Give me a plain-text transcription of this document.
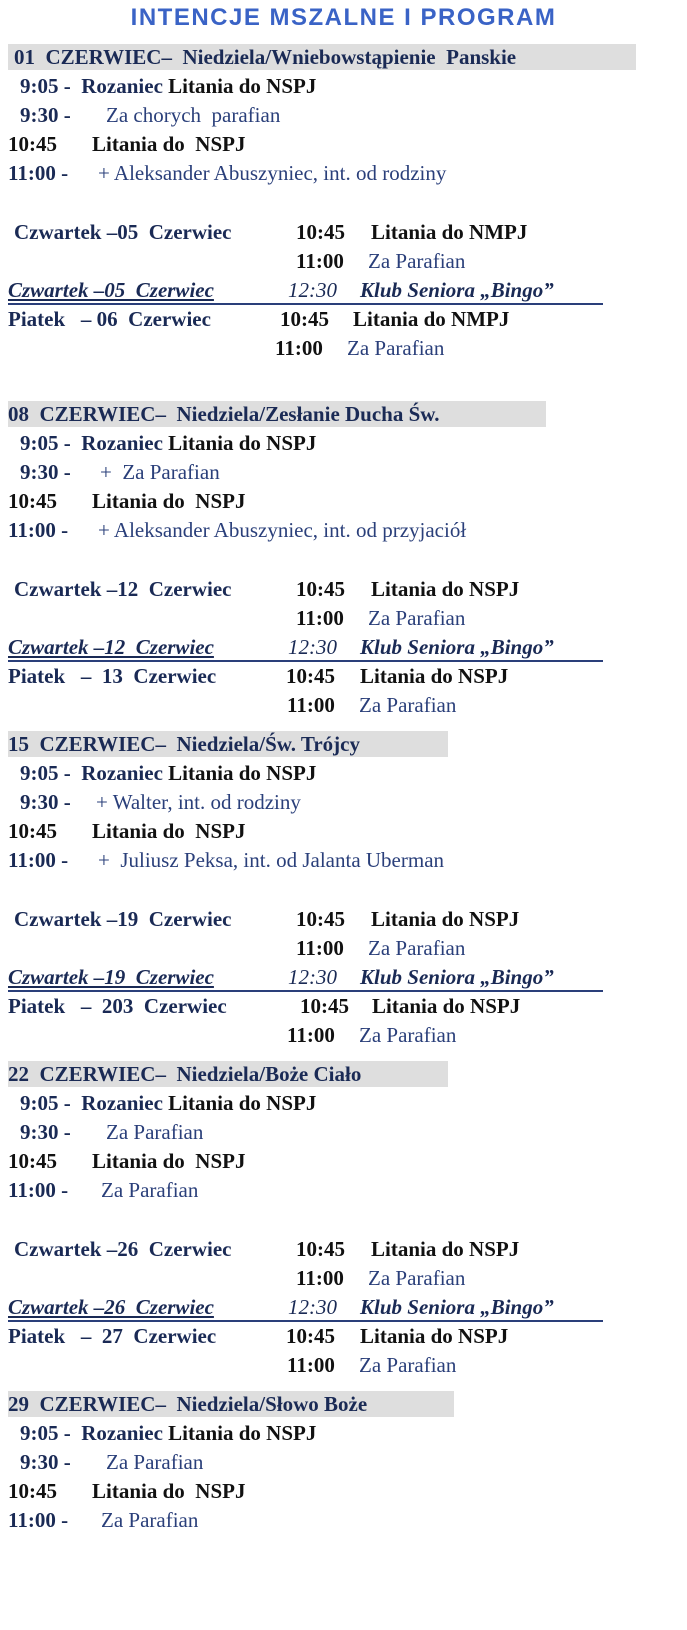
INTENCJE MSZALNE I PROGRAM
01  CZERWIEC–  Niedziela/Wniebowstąpienie  Panskie
9:05 - Rozaniec Litania do NSPJ
9:30 - Za chorych  parafian
10:45 Litania do  NSPJ
11:00 - + Aleksander Abuszyniec, int. od rodziny
Czwartek –05  Czerwiec	10:45 Litania do NMPJ
11:00 Za Parafian
Czwartek –05  Czerwiec	12:30 Klub Seniora „Bingo”
Piatek   – 06  Czerwiec	10:45 Litania do NMPJ
11:00 Za Parafian
08  CZERWIEC–  Niedziela/Zesłanie Ducha Św.
9:05 - Rozaniec Litania do NSPJ
9:30 - +  Za Parafian
10:45 Litania do  NSPJ
11:00 - + Aleksander Abuszyniec, int. od przyjaciół
Czwartek –12  Czerwiec	10:45 Litania do NSPJ
11:00 Za Parafian
Czwartek –12  Czerwiec	12:30 Klub Seniora „Bingo”
Piatek   –  13  Czerwiec	10:45 Litania do NSPJ
11:00 Za Parafian
15  CZERWIEC–  Niedziela/Św. Trójcy
9:05 - Rozaniec Litania do NSPJ
9:30 - + Walter, int. od rodziny
10:45 Litania do  NSPJ
11:00 - +  Juliusz Peksa, int. od Jalanta Uberman
Czwartek –19  Czerwiec	10:45 Litania do NSPJ
11:00 Za Parafian
Czwartek –19  Czerwiec	12:30 Klub Seniora „Bingo”
Piatek   –  203  Czerwiec	10:45 Litania do NSPJ
11:00 Za Parafian
22  CZERWIEC–  Niedziela/Boże Ciało
9:05 - Rozaniec Litania do NSPJ
9:30 - Za Parafian
10:45 Litania do  NSPJ
11:00 - Za Parafian
Czwartek –26  Czerwiec	10:45 Litania do NSPJ
11:00 Za Parafian
Czwartek –26  Czerwiec	12:30 Klub Seniora „Bingo”
Piatek   –  27  Czerwiec	10:45 Litania do NSPJ
11:00 Za Parafian
29  CZERWIEC–  Niedziela/Słowo Boże
9:05 - Rozaniec Litania do NSPJ
9:30 - Za Parafian
10:45 Litania do  NSPJ
11:00 - Za Parafian
